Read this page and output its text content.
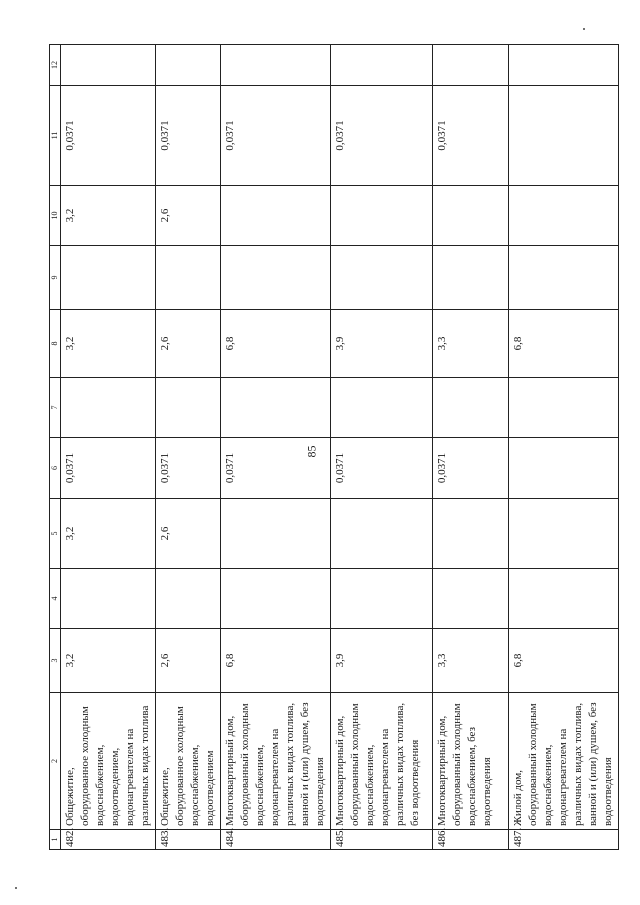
85
1	2	3	4	5	6	7	8	9	10	11	12
482.	Общежитие, оборудованное холодным водоснабжением, водоотведением, водонагревателем на различных видах топлива	3,2		3,2	0,0371		3,2		3,2	0,0371	
483.	Общежитие, оборудованное холодным водоснабжением, водоотведением	2,6		2,6	0,0371		2,6		2,6	0,0371	
484.	Многоквартирный дом, оборудованный холодным водоснабжением, водонагревателем на различных видах топлива, ванной и (или) душем, без водоотведения	6,8			0,0371		6,8			0,0371	
485.	Многоквартирный дом, оборудованный холодным водоснабжением, водонагревателем на различных видах топлива, без водоотведения	3,9			0,0371		3,9			0,0371	
486.	Многоквартирный дом, оборудованный холодным водоснабжением, без водоотведения	3,3			0,0371		3,3			0,0371	
487.	Жилой дом, оборудованный холодным водоснабжением, водонагревателем на различных видах топлива, ванной и (или) душем, без водоотведения	6,8					6,8				
